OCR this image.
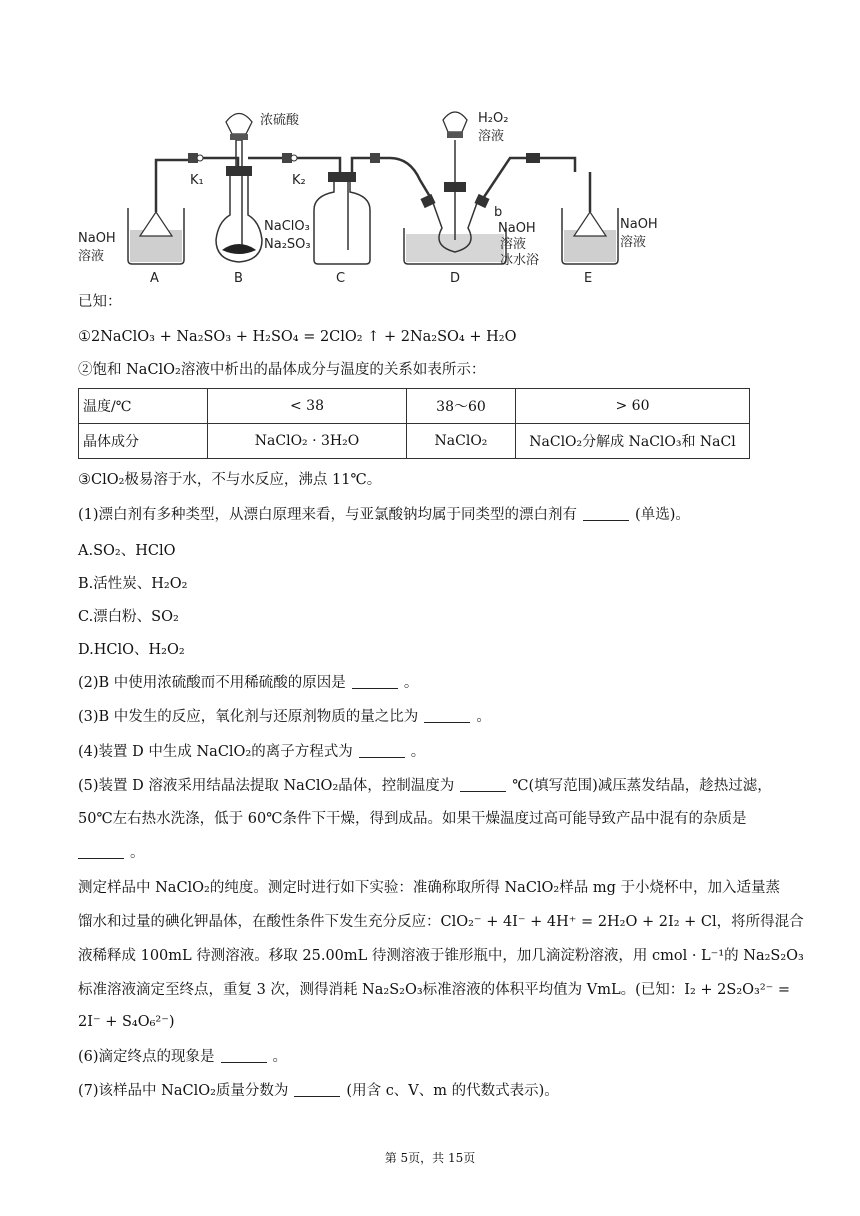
浓硫酸	H₂O₂
溶液
K₁	K₂
NaOH
溶液
NaClO₃
Na₂SO₃
b
NaOH
溶液
冰水浴
NaOH
溶液
A	B	C	D	E
已知：
①2NaClO₃ + Na₂SO₃ + H₂SO₄ = 2ClO₂ ↑ + 2Na₂SO₄ + H₂O
②饱和 NaClO₂溶液中析出的晶体成分与温度的关系如表所示：
温度/℃	< 38	38～60	> 60
晶体成分	NaClO₂ · 3H₂O	NaClO₂	NaClO₂分解成 NaClO₃和 NaCl
③ClO₂极易溶于水，不与水反应，沸点 11℃。
(1)漂白剂有多种类型，从漂白原理来看，与亚氯酸钠均属于同类型的漂白剂有	(单选)。
A.SO₂、HClO
B.活性炭、H₂O₂
C.漂白粉、SO₂
D.HClO、H₂O₂
(2)B 中使用浓硫酸而不用稀硫酸的原因是	。
(3)B 中发生的反应，氧化剂与还原剂物质的量之比为	。
(4)装置 D 中生成 NaClO₂的离子方程式为	。
(5)装置 D 溶液采用结晶法提取 NaClO₂晶体，控制温度为	℃(填写范围)减压蒸发结晶，趁热过滤，
50℃左右热水洗涤，低于 60℃条件下干燥，得到成品。如果干燥温度过高可能导致产品中混有的杂质是
。
测定样品中 NaClO₂的纯度。测定时进行如下实验：准确称取所得 NaClO₂样品 mg 于小烧杯中，加入适量蒸
馏水和过量的碘化钾晶体，在酸性条件下发生充分反应：ClO₂⁻ + 4I⁻ + 4H⁺ = 2H₂O + 2I₂ + Cl，将所得混合
液稀释成 100mL 待测溶液。移取 25.00mL 待测溶液于锥形瓶中，加几滴淀粉溶液，用 cmol · L⁻¹的 Na₂S₂O₃
标准溶液滴定至终点，重复 3 次，测得消耗 Na₂S₂O₃标准溶液的体积平均值为 VmL。(已知：I₂ + 2S₂O₃²⁻ =
2I⁻ + S₄O₆²⁻)
(6)滴定终点的现象是	。
(7)该样品中 NaClO₂质量分数为	(用含 c、V、m 的代数式表示)。
第 5页，共 15页
